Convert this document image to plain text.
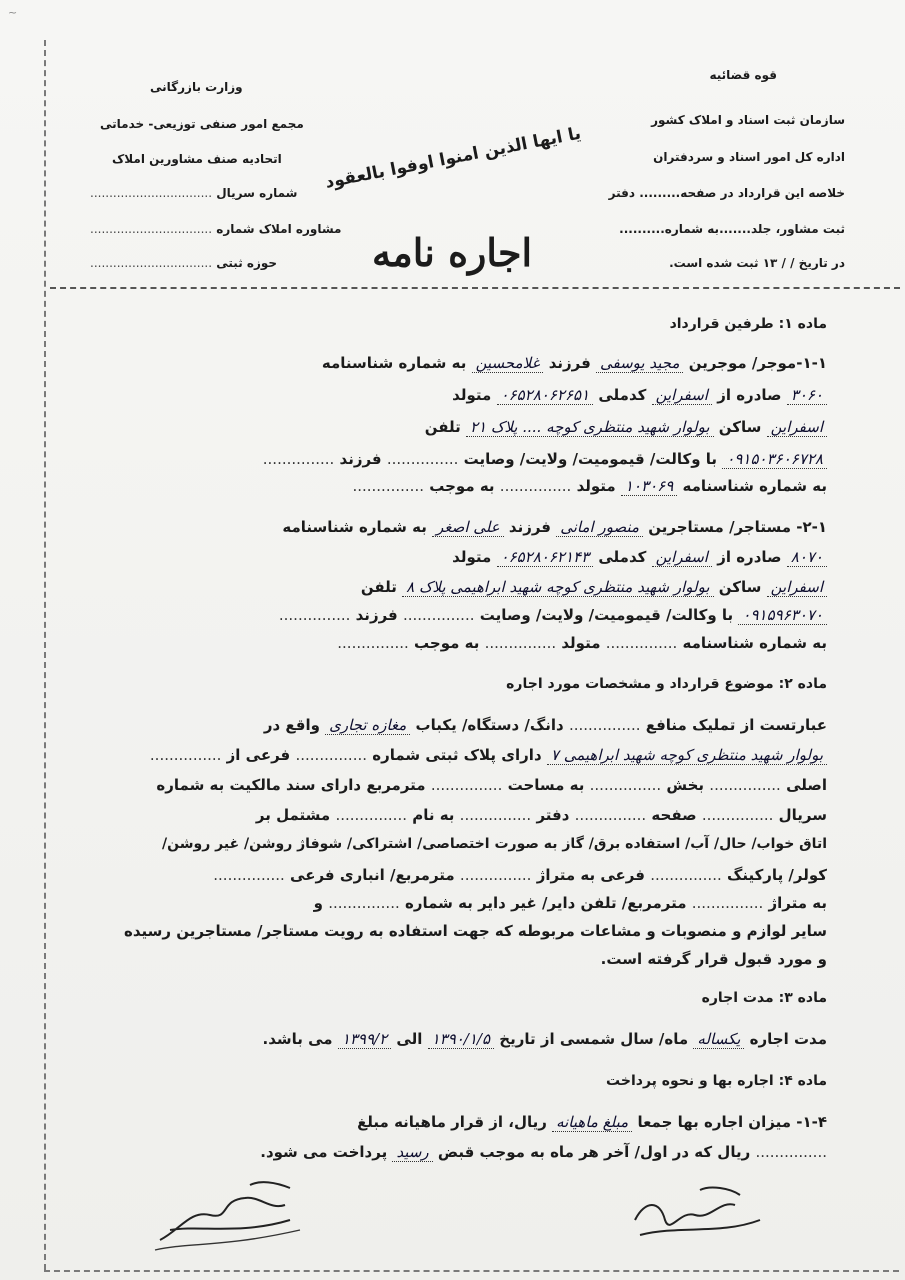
~
قوه قضائیه
سازمان ثبت اسناد و املاک کشور
اداره کل امور اسناد و سردفتران
خلاصه این قرارداد در صفحه......... دفتر
ثبت مشاور، جلد.......به شماره..........
در تاریخ / / ۱۳ ثبت شده است.
وزارت بازرگانی
مجمع امور صنفی توزیعی- خدماتی
اتحادیه صنف مشاورین املاک
شماره سریال ................................
مشاوره املاک شماره ................................
حوزه ثبتی ................................
یا ایها الذین امنوا اوفوا بالعقود
اجاره نامه
ماده ۱: طرفین قرارداد
۱-۱-موجر/ موجرین مجید یوسفی فرزند غلامحسین به شماره شناسنامه
۳۰۶۰ صادره از اسفراین کدملی ۰۶۵۲۸۰۶۲۶۵۱ متولد
اسفراین ساکن بولوار شهید منتظری کوچه .... پلاک ۲۱ تلفن
۰۹۱۵۰۳۶۰۶۷۲۸ با وکالت/ قیمومیت/ ولایت/ وصایت ............... فرزند ...............
به شماره شناسنامه ۱۰۳۰۶۹ متولد ............... به موجب ...............
۲-۱- مستاجر/ مستاجرین منصور امانی فرزند علی اصغر به شماره شناسنامه
۸۰۷۰ صادره از اسفراین کدملی ۰۶۵۲۸۰۶۲۱۴۳ متولد
اسفراین ساکن بولوار شهید منتظری کوچه شهید ابراهیمی پلاک ۸ تلفن
۰۹۱۵۹۶۳۰۷۰ با وکالت/ قیمومیت/ ولایت/ وصایت ............... فرزند ...............
به شماره شناسنامه ............... متولد ............... به موجب ...............
ماده ۲: موضوع قرارداد و مشخصات مورد اجاره
عبارتست از تملیک منافع ............... دانگ/ دستگاه/ یکباب مغازه تجاری واقع در
بولوار شهید منتظری کوچه شهید ابراهیمی ۷ دارای پلاک ثبتی شماره ............... فرعی از ...............
اصلی ............... بخش ............... به مساحت ............... مترمربع دارای سند مالکیت به شماره
سریال ............... صفحه ............... دفتر ............... به نام ............... مشتمل بر
اتاق خواب/ حال/ آب/ استفاده برق/ گاز به صورت اختصاصی/ اشتراکی/ شوفاژ روشن/ غیر روشن/
کولر/ پارکینگ ............... فرعی به متراژ ............... مترمربع/ انباری فرعی ...............
به متراژ ............... مترمربع/ تلفن دایر/ غیر دایر به شماره ............... و
سایر لوازم و منصوبات و مشاعات مربوطه که جهت استفاده به رویت مستاجر/ مستاجرین رسیده
و مورد قبول قرار گرفته است.
ماده ۳: مدت اجاره
مدت اجاره یکساله ماه/ سال شمسی از تاریخ ۱۳۹۰/۱/۵ الی ۱۳۹۹/۲ می باشد.
ماده ۴: اجاره بها و نحوه پرداخت
۱-۴- میزان اجاره بها جمعا مبلغ ماهیانه ریال، از قرار ماهیانه مبلغ
............... ریال که در اول/ آخر هر ماه به موجب قبض رسید پرداخت می شود.
